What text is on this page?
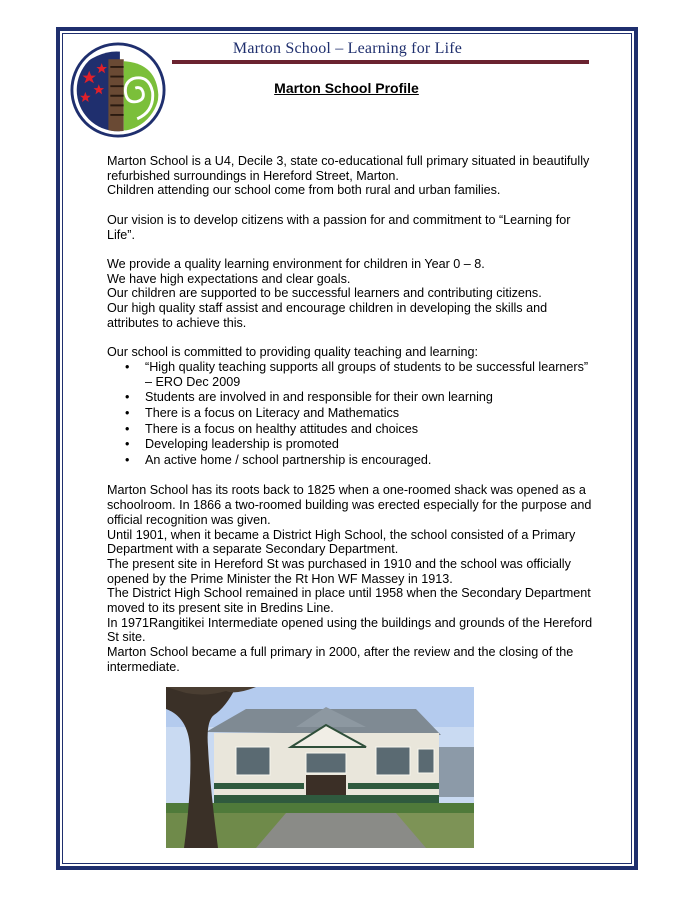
Marton School – Learning for Life
Marton School Profile

Marton School is a U4, Decile 3, state co-educational full primary situated in beautifully refurbished surroundings in Hereford Street, Marton.

Children attending our school come from both rural and urban families.

Our vision is to develop citizens with a passion for and commitment to “Learning for Life”.

We provide a quality learning environment for children in Year 0 – 8.

We have high expectations and clear goals.

Our children are supported to be successful learners and contributing citizens.

Our high quality staff assist and encourage children in developing the skills and attributes to achieve this.

Our school is committed to providing quality teaching and learning:

• “High quality teaching supports all groups of students to be successful learners” – ERO Dec 2009
• Students are involved in and responsible for their own learning
• There is a focus on Literacy and Mathematics
• There is a focus on healthy attitudes and choices
• Developing leadership is promoted
• An active home / school partnership is encouraged.

Marton School has its roots back to 1825 when a one-roomed shack was opened as a schoolroom. In 1866 a two-roomed building was erected especially for the purpose and official recognition was given.

Until 1901, when it became a District High School, the school consisted of a Primary Department with a separate Secondary Department.

The present site in Hereford St was purchased in 1910 and the school was officially opened by the Prime Minister the Rt Hon WF Massey in 1913.

The District High School remained in place until 1958 when the Secondary Department moved to its present site in Bredins Line.

In 1971Rangitikei Intermediate opened using the buildings and grounds of the Hereford St site.

Marton School became a full primary in 2000, after the review and the closing of the intermediate.
